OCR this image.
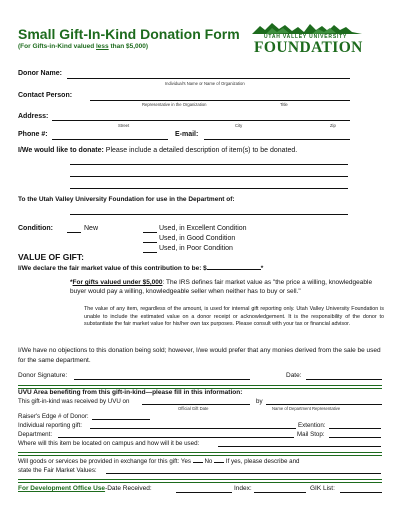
Small Gift-In-Kind Donation Form
(For Gifts-in-Kind valued less than $5,000)
UTAH VALLEY UNIVERSITY
FOUNDATION
Donor Name:
Individual's Name or Name of Organization
Contact Person:
Representative in the Organization	Title
Address:
Street	City	Zip
Phone #:	E-mail:
I/We would like to donate: Please include a detailed description of item(s) to be donated.
To the Utah Valley University Foundation for use in the Department of:
Condition:	New	Used, in Excellent Condition
Used, in Good Condition
Used, in Poor Condition
VALUE OF GIFT:
I/We declare the fair market value of this contribution to be: $	*
*For gifts valued under $5,000: The IRS defines fair market value as "the price a willing, knowledgeable buyer would pay a willing, knowledgeable seller when neither has to buy or sell."
The value of any item, regardless of the amount, is used for internal gift reporting only. Utah Valley University Foundation is unable to include the estimated value on a donor receipt or acknowledgement. It is the responsibility of the donor to substantiate the fair market value for his/her own tax purposes. Please consult with your tax or financial advisor.
I/We have no objections to this donation being sold; however, I/we would prefer that any monies derived from the sale be used for the same department.
Donor Signature:	Date:
UVU Area benefiting from this gift-in-kind—please fill in this information:
This gift-in-kind was received by UVU on	by
Official Gift Date	Name of Department Representative
Raiser's Edge # of Donor:
Individual reporting gift:	Extention:
Department:	Mail Stop:
Where will this item be located on campus and how will it be used:
Will goods or services be provided in exchange for this gift: Yes No If yes, please describe and
state the Fair Market Values:
For Development Office Use-Date Received:	Index:	GIK List:
